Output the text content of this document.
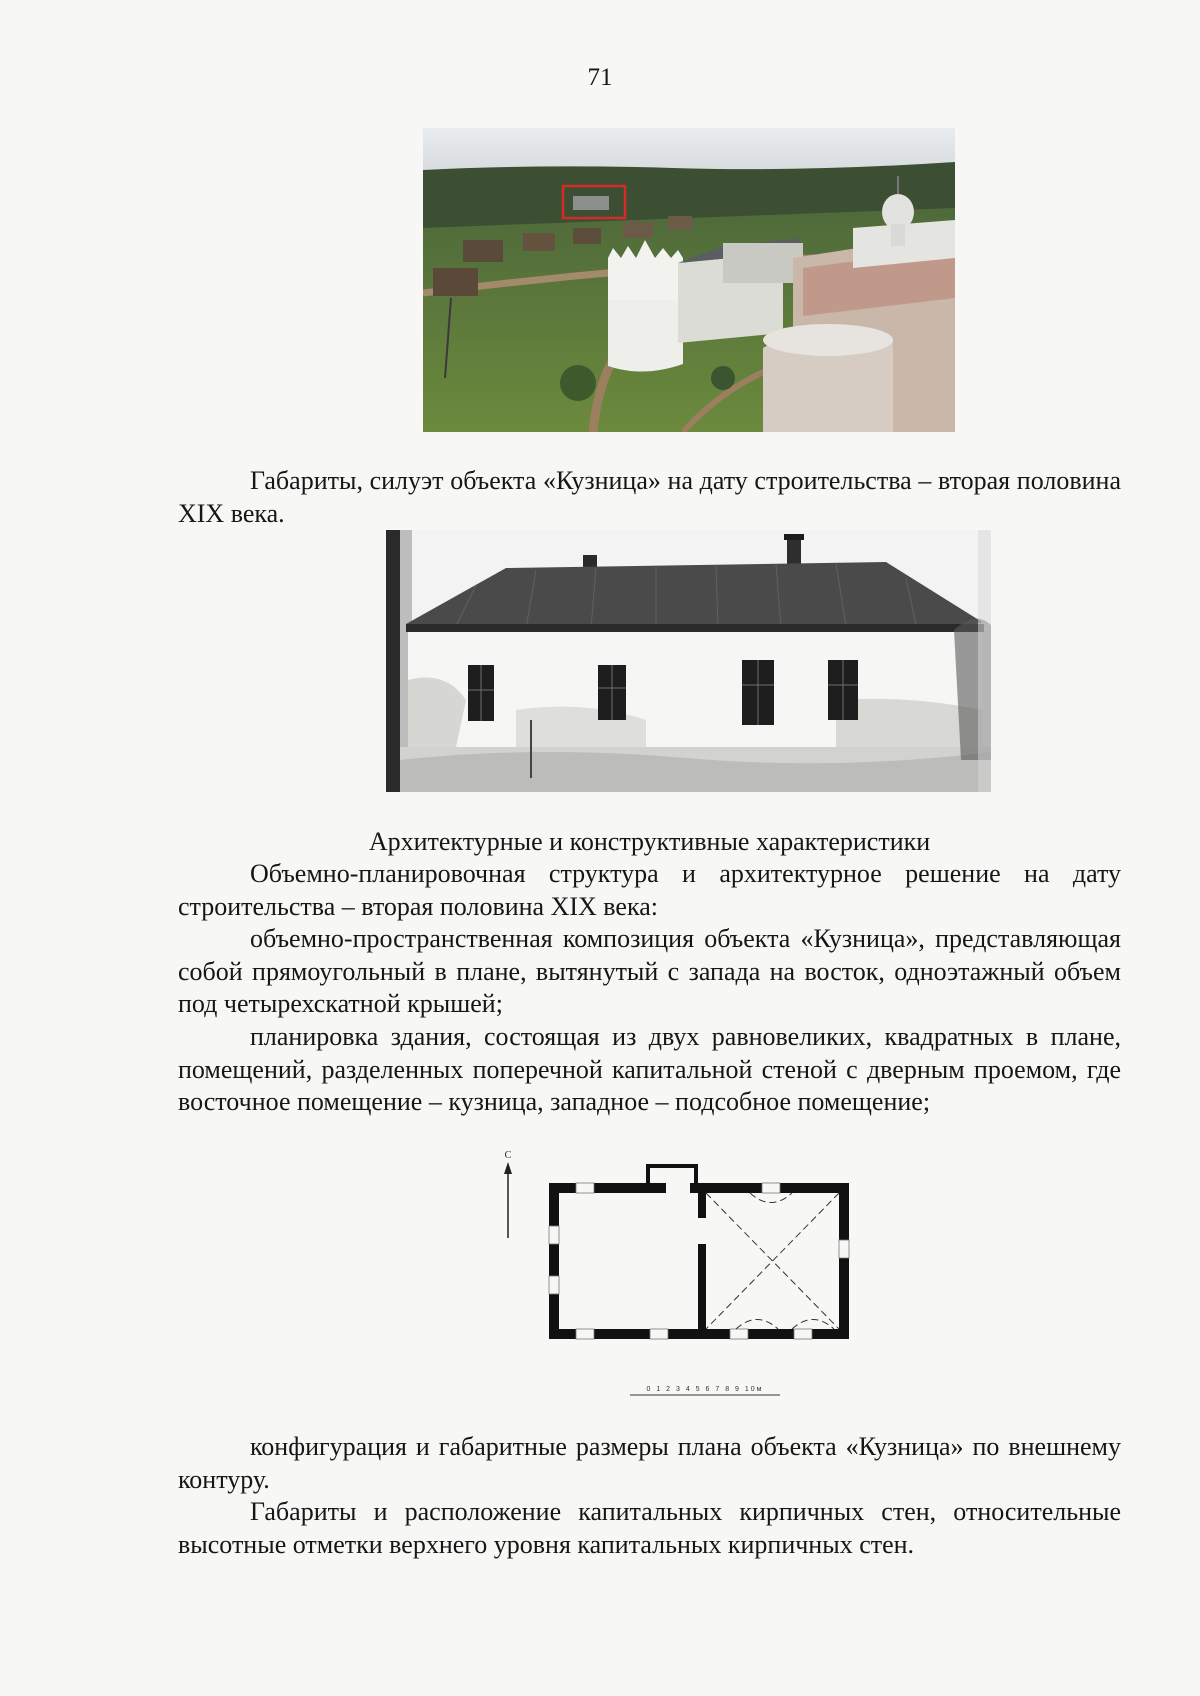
71
Габариты, силуэт объекта «Кузница» на дату строительства – вторая половина XIX века.
Архитектурные и конструктивные характеристики
Объемно-планировочная структура и архитектурное решение на дату строительства – вторая половина XIX века:
объемно-пространственная композиция объекта «Кузница», представляющая собой прямоугольный в плане, вытянутый с запада на восток, одноэтажный объем под четырехскатной крышей;
планировка здания, состоящая из двух равновеликих, квадратных в плане, помещений, разделенных поперечной капитальной стеной с дверным проемом, где восточное помещение – кузница, западное – подсобное помещение;
С
0 1 2 3 4 5 6 7 8 9 10м
конфигурация и габаритные размеры плана объекта «Кузница» по внешнему контуру.
Габариты и расположение капитальных кирпичных стен, относительные высотные отметки верхнего уровня капитальных кирпичных стен.
